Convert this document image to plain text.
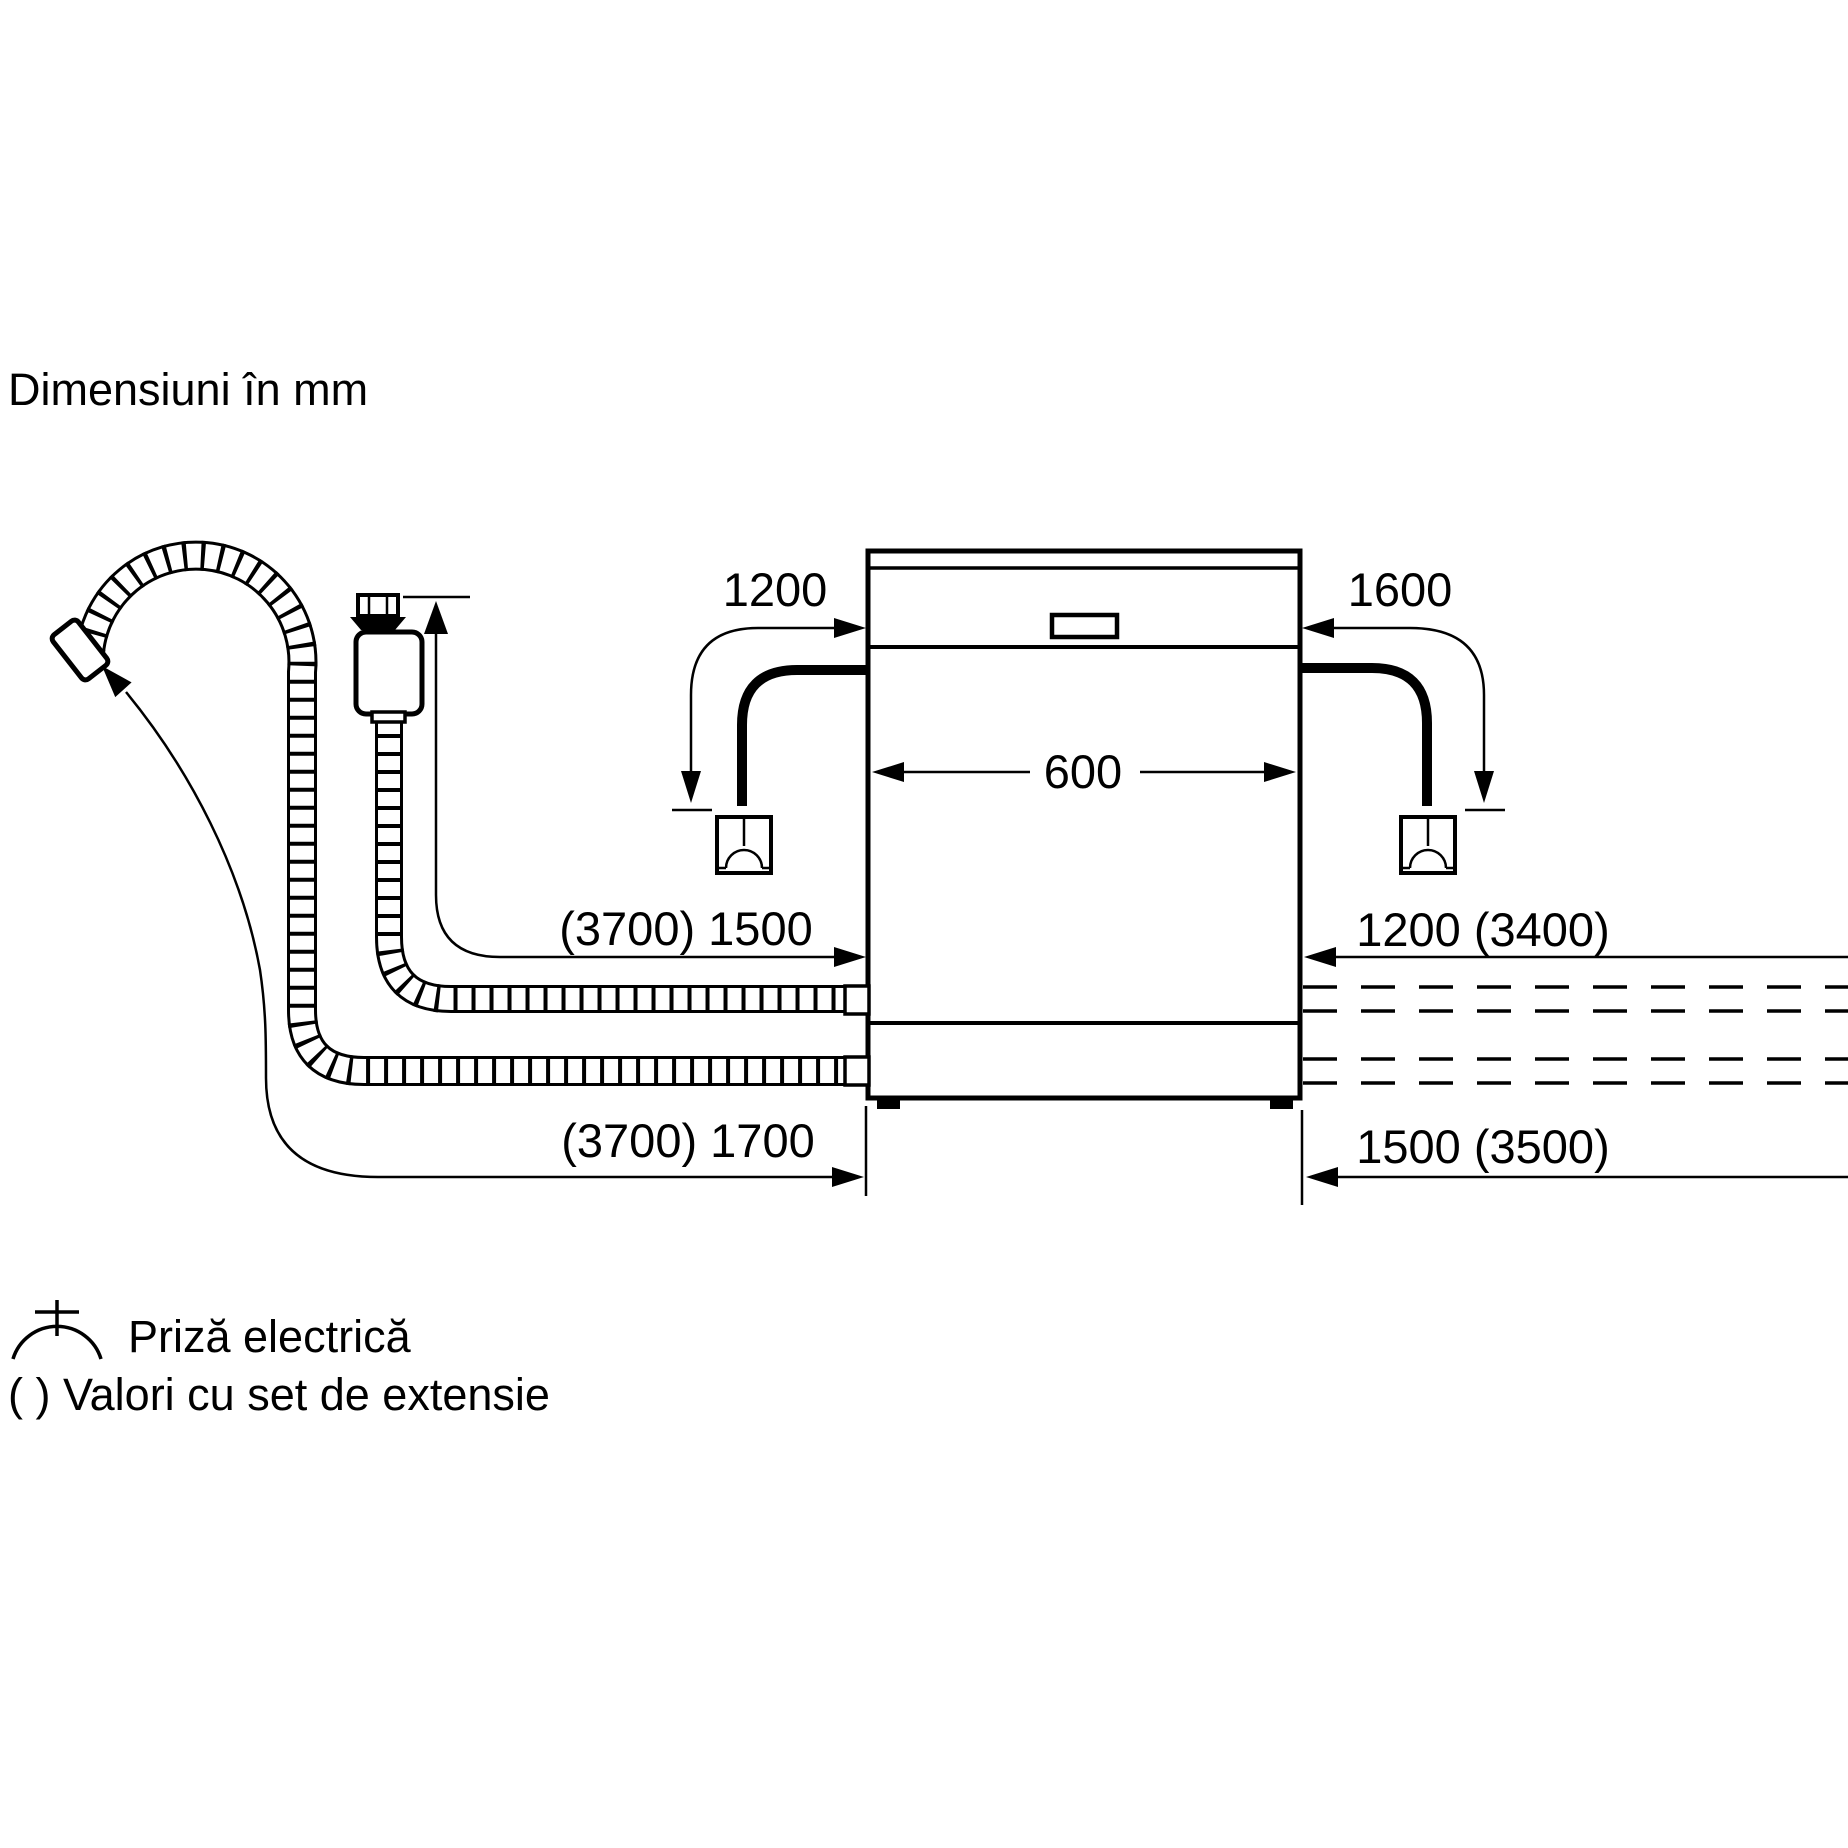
Dimensiuni în mm
1200	1600
600
(3700) 1500
(3700) 1700
1200 (3400)
1500 (3500)
Priză electrică
( ) Valori cu set de extensie
